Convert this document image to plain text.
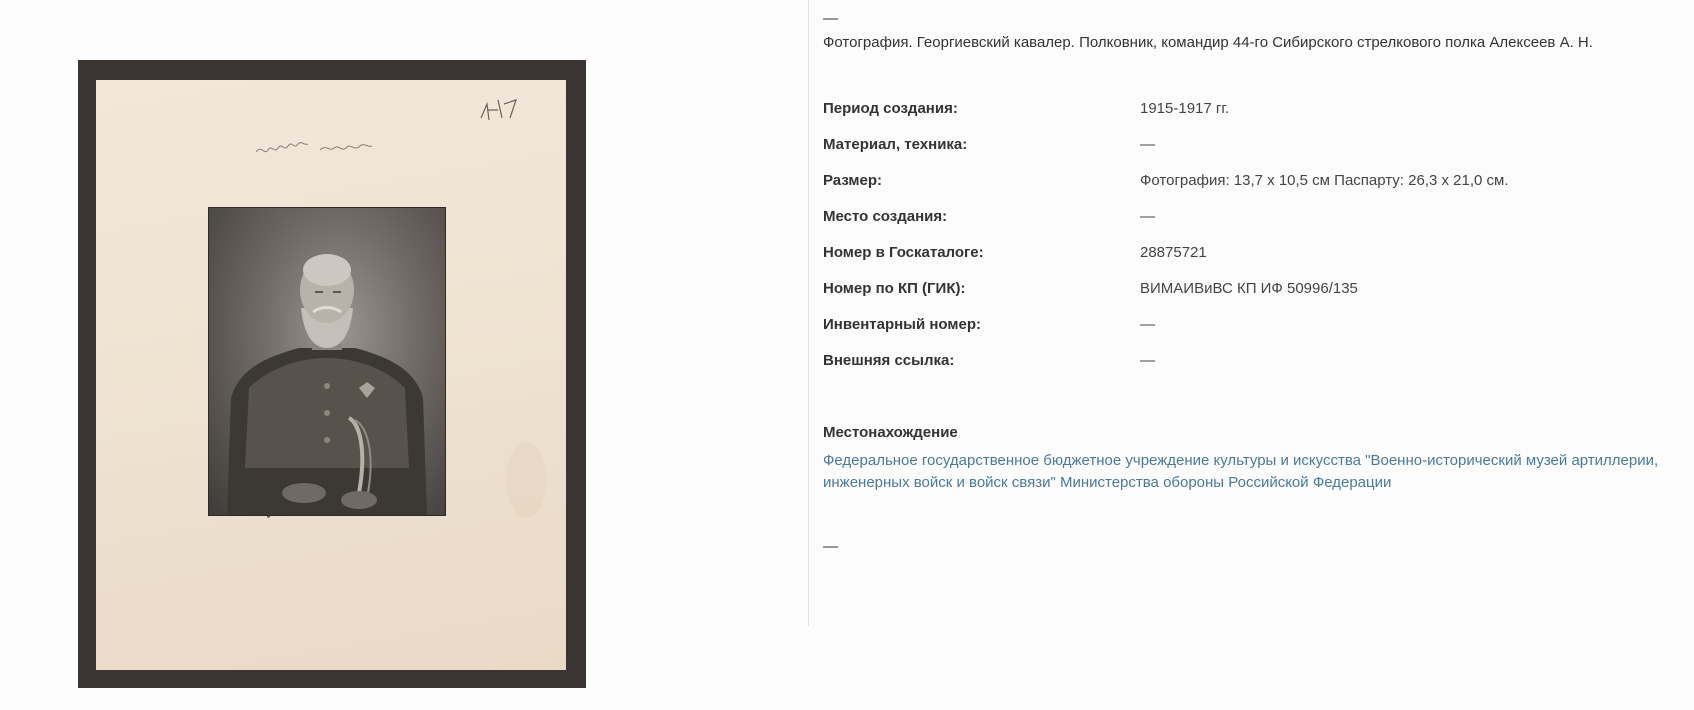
—
Фотография. Георгиевский кавалер. Полковник, командир 44-го Сибирского стрелкового полка Алексеев А. Н.
Период создания:	1915-1917 гг.
Материал, техника:	—
Размер:	Фотография: 13,7 х 10,5 см Паспарту: 26,3 х 21,0 см.
Место создания:	—
Номер в Госкаталоге:	28875721
Номер по КП (ГИК):	ВИМАИВиВС КП ИФ 50996/135
Инвентарный номер:	—
Внешняя ссылка:	—
Местонахождение
Федеральное государственное бюджетное учреждение культуры и искусства "Военно-исторический музей артиллерии, инженерных войск и войск связи" Министерства обороны Российской Федерации
—
